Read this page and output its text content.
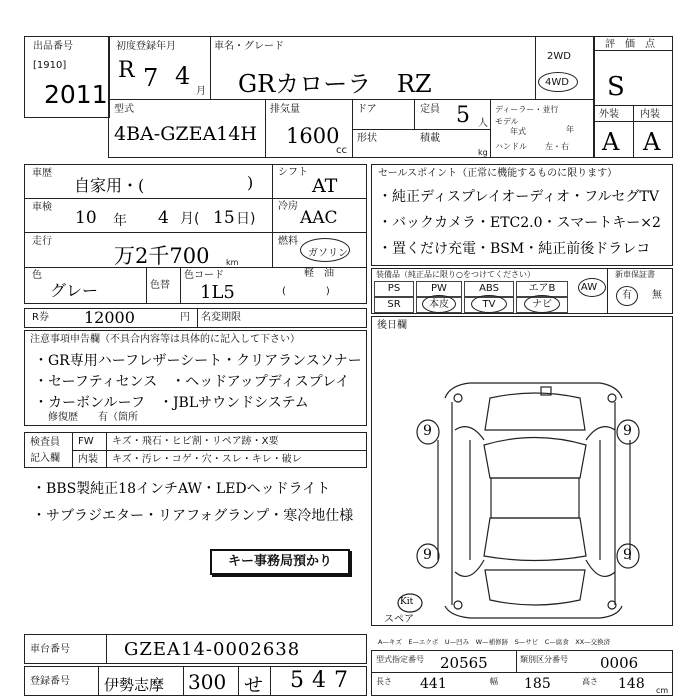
出品番号
[1910]
2011
初度登録年月
R 7 4
月
車名・グレード
GRカローラ RZ
2WD
4WD
評価点
S
外装 内装
A A
型式
4BA-GZEA14H
排気量
1600
cc
ドア	定員 5 人
形状	積載
kg
ディーラー・並行
モデル
年式	年
ハンドル 左・右
車歴
自家用・(	)
車検
10 年 4 月( 15 日)
走行
万2千700 km
シフト
AT
冷房
AAC
燃料
ガソリン
軽　油
(　　　　)
色
グレー	色替
色コード
1L5
セールスポイント（正常に機能するものに限ります）
・純正ディスプレイオーディオ・フルセグTV
・バックカメラ・ETC2.0・スマートキー×2
・置くだけ充電・BSM・純正前後ドラレコ
装備品（純正品に限り○をつけてください）	新車保証書
PS	PW	ABS	エアB	AW
SR	本皮	TV	ナビ
有 無
R券 12000	円 名変期限
注意事項申告欄（不具合内容等は具体的に記入して下さい）
・GR専用ハーフレザーシート・クリアランスソナー
・セーフティセンス　・ヘッドアップディスプレイ
・カーボンルーフ　・JBLサウンドシステム
修復歴　　有（箇所
検査員
記入欄
FW キズ・飛石・ヒビ割・リペア跡・X要
内装 キズ・汚レ・コゲ・穴・スレ・キレ・破レ
・BBS製純正18インチAW・LEDヘッドライト
・サブラジエター・リアフォグランプ・寒冷地仕様
キー事務局預かり
後日欄
9	9
9	9
Kit
スペア
車台番号	GZEA14-0002638
登録番号 伊勢志摩 300 せ 547
A—キズ　E—エクボ　U—凹み　W—補修跡　S—サビ　C—腐食　XX—交換済
型式指定番号 20565	類別区分番号 0006
長さ 441	幅 185	高さ 148 cm
